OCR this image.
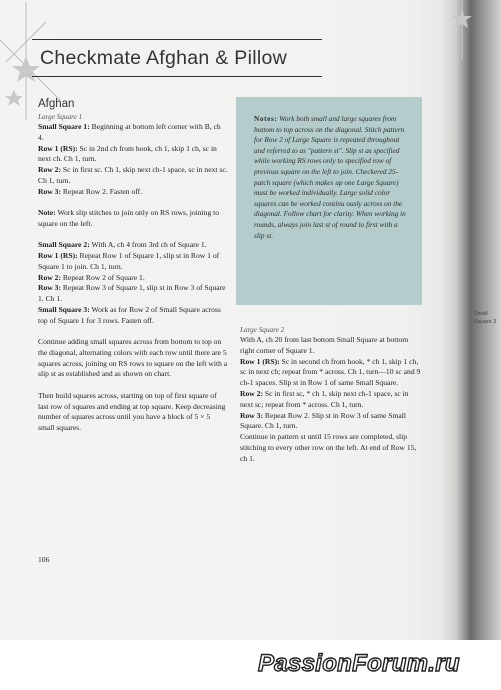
Checkmate Afghan & Pillow
Afghan

Large Square 1

Small Square 1: Beginning at bottom left corner with B, ch 4.

Row 1 (RS): Sc in 2nd ch from hook, ch 1, skip 1 ch, sc in next ch. Ch 1, turn.

Row 2: Sc in first sc. Ch 1, skip next ch-1 space, sc in next sc. Ch 1, turn.

Row 3: Repeat Row 2. Fasten off.

Note: Work slip stitches to join only on RS rows, joining to square on the left.

Small Square 2: With A, ch 4 from 3rd ch of Square 1.

Row 1 (RS): Repeat Row 1 of Square 1, slip st in Row 1 of Square 1 to join. Ch 1, turn.

Row 2: Repeat Row 2 of Square 1.

Row 3: Repeat Row 3 of Square 1, slip st in Row 3 of Square 1. Ch 1.

Small Square 3: Work as for Row 2 of Small Square across top of Square 1 for 3 rows. Fasten off.

Continue adding small squares across from bottom to top on the diagonal, alternating colors with each row until there are 5 squares across, joining on RS rows to square on the left with a slip st as established and as shown on chart.

Then build squares across, starting on top of first square of last row of squares and ending at top square. Keep decreasing number of squares across until you have a block of 5 × 5 small squares.

Notes: Work both small and large squares from bottom to top across on the diagonal. Stitch pattern for Row 2 of Large Square is repeated throughout and referred to as "pattern st". Slip st as specified while working RS rows only to specified row of previous square on the left to join. Checkered 25-patch square (which makes up one Large Square) must be worked individually. Large solid color squares can be worked continu ously across on the diagonal. Follow chart for clarity. When working in rounds, always join last st of round to first with a slip st.

Large Square 2

With A, ch 20 from last bottom Small Square at bottom right corner of Square 1.

Row 1 (RS): Sc in second ch from hook, * ch 1, skip 1 ch, sc in next ch; repeat from * across. Ch 1, turn—10 sc and 9 ch-1 spaces. Slip st in Row 1 of same Small Square.

Row 2: Sc in first sc, * ch 1, skip next ch-1 space, sc in next sc; repeat from * across. Ch 1, turn.

Row 3: Repeat Row 2. Slip st in Row 3 of same Small Square. Ch 1, turn.

Continue in pattern st until 15 rows are completed, slip stitching to every other row on the left. At end of Row 15, ch 1.

106
Small
Square 3
PassionForum.ru
